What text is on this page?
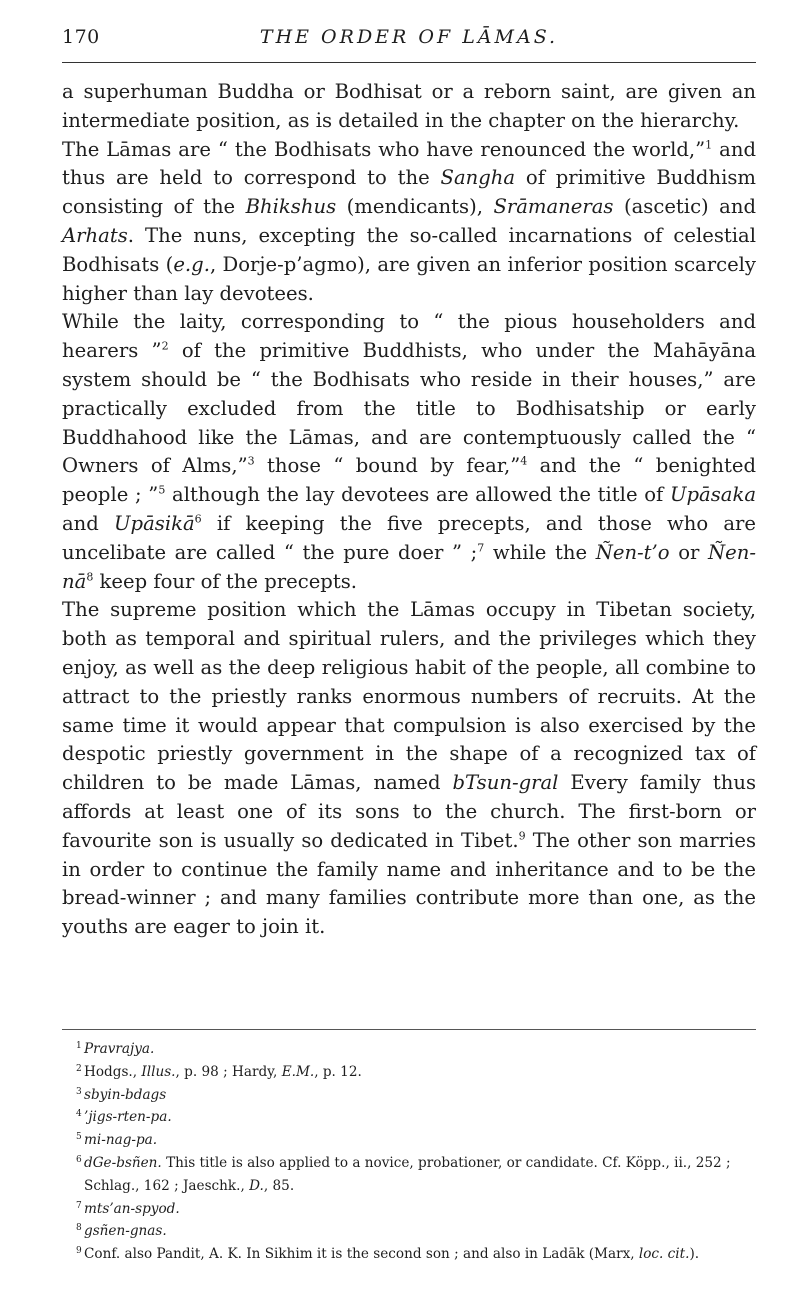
170	THE ORDER OF LĀMAS.

a superhuman Buddha or Bodhisat or a reborn saint, are given an intermediate position, as is detailed in the chapter on the hierarchy.

The Lāmas are “ the Bodhisats who have renounced the world,”$^1$ and thus are held to correspond to the Sangha of primitive Buddhism consisting of the Bhikshus (mendicants), Srāmaneras (ascetic) and Arhats. The nuns, excepting the so-called incarnations of celestial Bodhisats (e.g., Dorje-p’agmo), are given an inferior position scarcely higher than lay devotees.

While the laity, corresponding to “ the pious householders and hearers ”$^2$ of the primitive Buddhists, who under the Mahāyāna system should be “ the Bodhisats who reside in their houses,” are practically excluded from the title to Bodhisatship or early Buddhahood like the Lāmas, and are contemptuously called the “ Owners of Alms,”$^3$ those “ bound by fear,”$^4$ and the “ benighted people ; ”$^5$ although the lay devotees are allowed the title of Upāsaka and Upāsikā$^6$ if keeping the five precepts, and those who are uncelibate are called “ the pure doer ” ;$^7$ while the Ñen-t’o or Ñen-nā$^8$ keep four of the precepts.

The supreme position which the Lāmas occupy in Tibetan society, both as temporal and spiritual rulers, and the privileges which they enjoy, as well as the deep religious habit of the people, all combine to attract to the priestly ranks enormous numbers of recruits. At the same time it would appear that compulsion is also exercised by the despotic priestly government in the shape of a recognized tax of children to be made Lāmas, named bTsun-gral Every family thus affords at least one of its sons to the church. The first-born or favourite son is usually so dedicated in Tibet.$^9$ The other son marries in order to continue the family name and inheritance and to be the bread-winner ; and many families contribute more than one, as the youths are eager to join it.

1 Pravrajya.

2 Hodgs., Illus., p. 98 ; Hardy, E.M., p. 12.

3 sbyin-bdags

4 ’jigs-rten-pa.

5 mi-nag-pa.

6 dGe-bsñen. This title is also applied to a novice, probationer, or candidate. Cf. Köpp., ii., 252 ; Schlag., 162 ; Jaeschk., D., 85.

7 mts’an-spyod.

8 gsñen-gnas.

9 Conf. also Pandit, A. K. In Sikhim it is the second son ; and also in Ladāk (Marx, loc. cit.).
